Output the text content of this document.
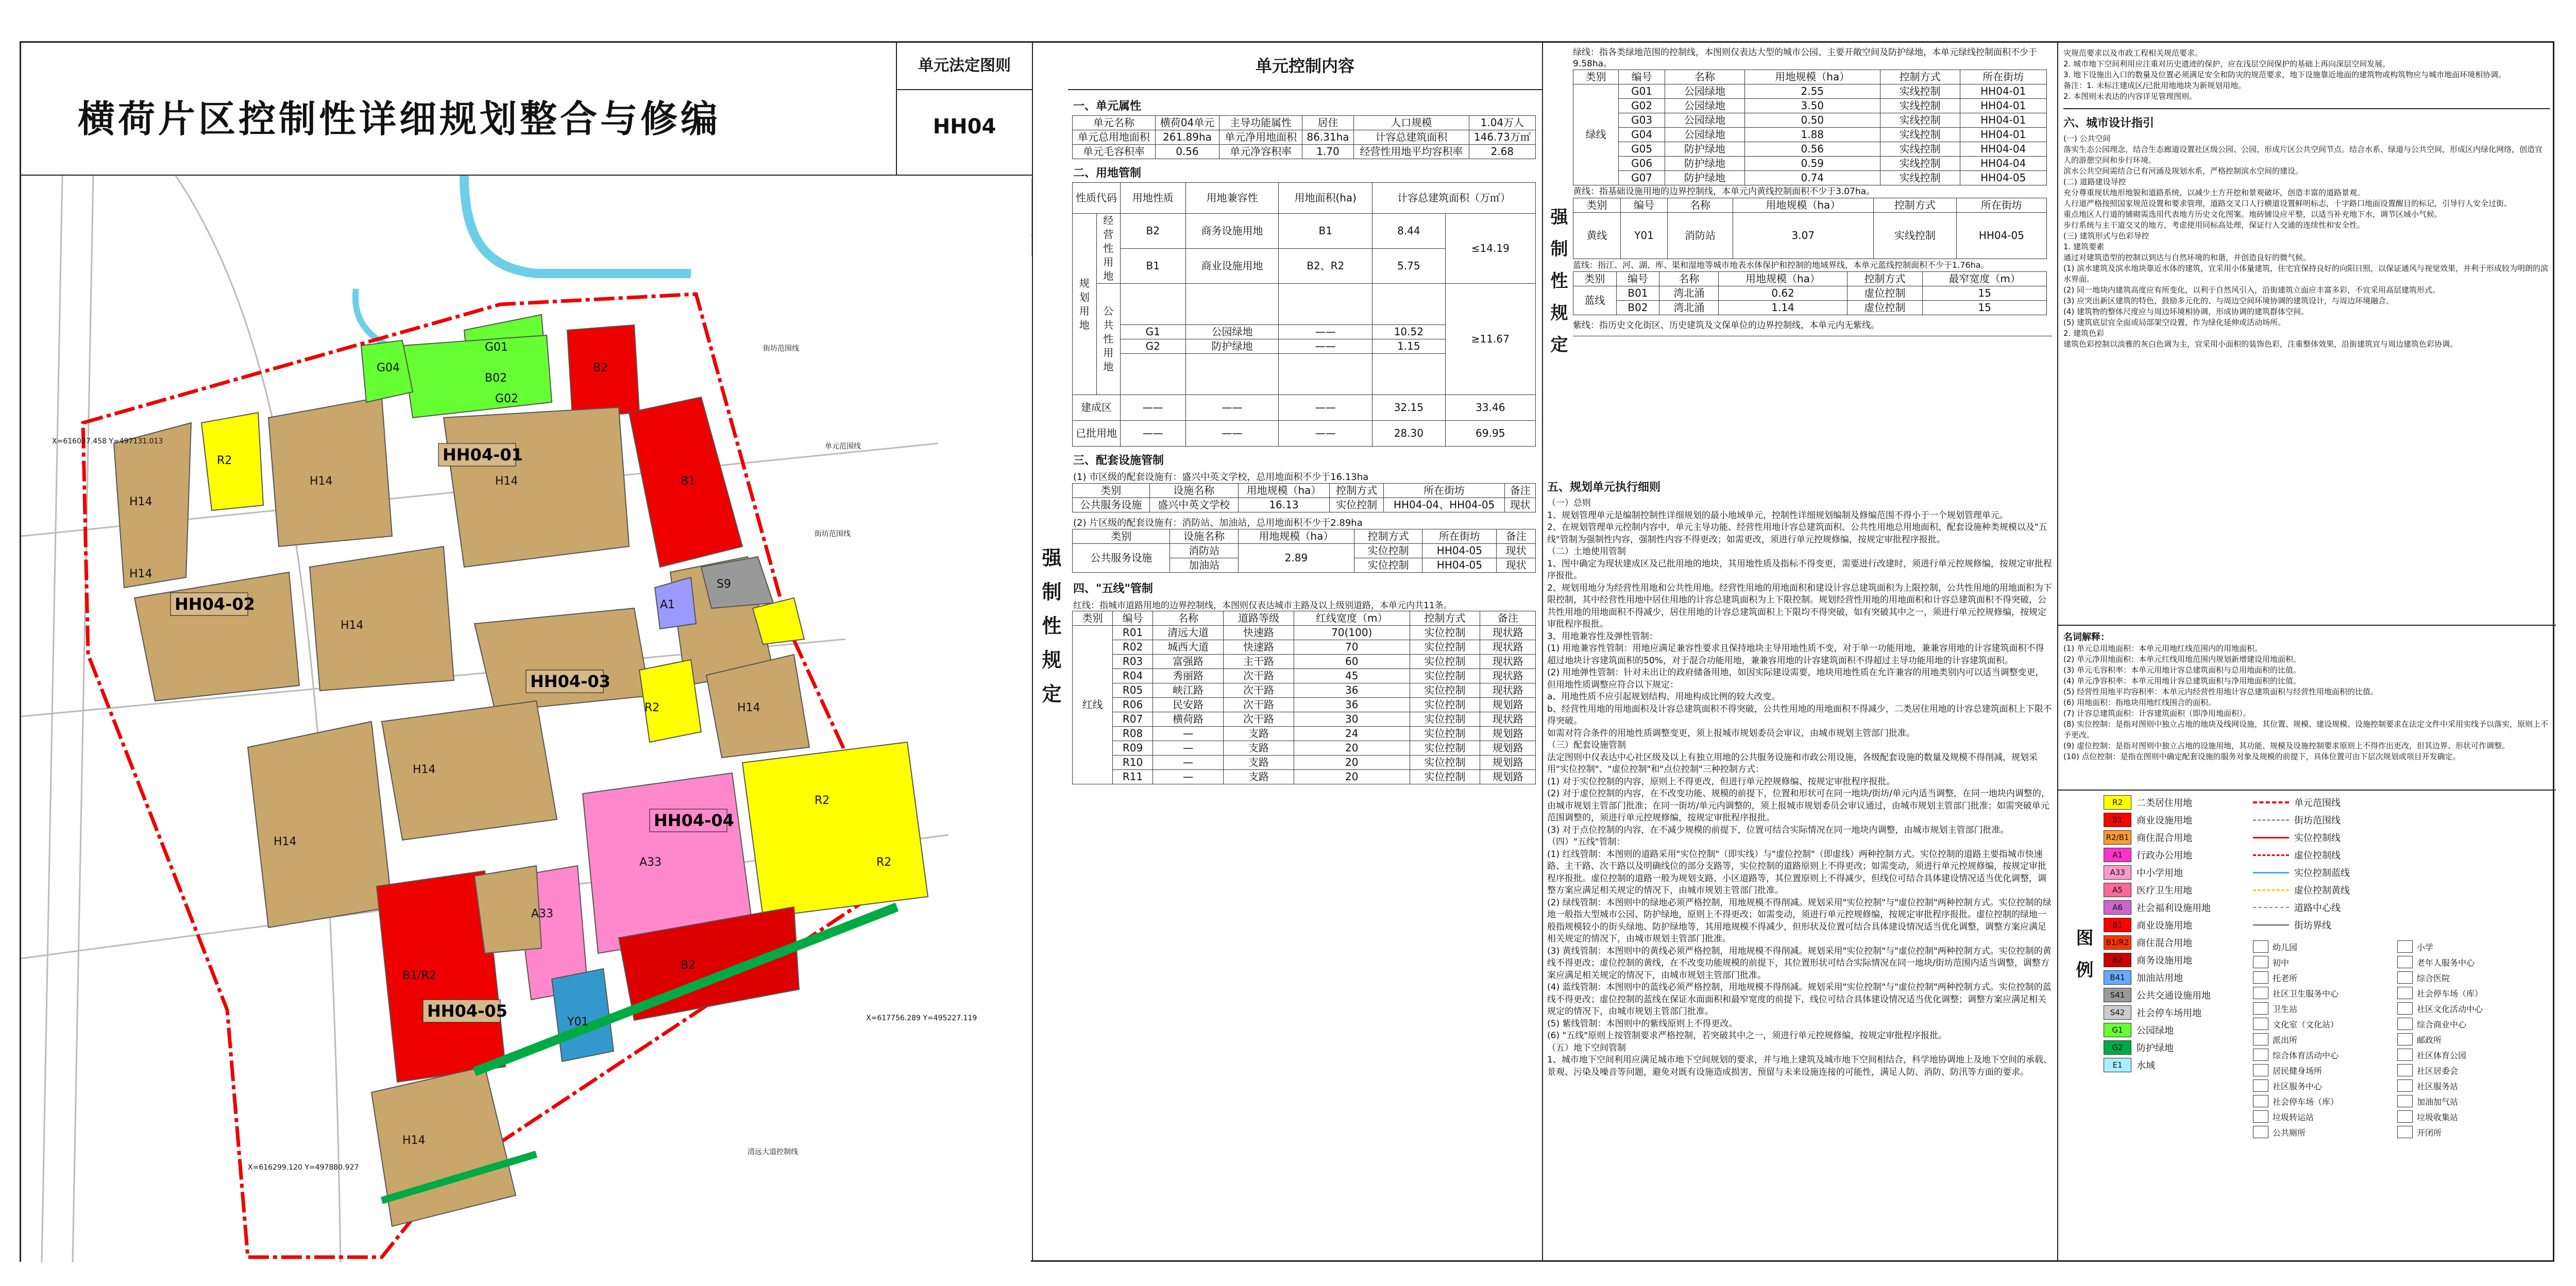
横荷片区控制性详细规划整合与修编
单元法定图则
HH04
G01
B02
G04
G02
B2
B1
R2
H14
H14
H14	H14
H14
S9
A1
R2
R2
R2
A33
B2
B1/R2
Y01
A33
H14
H14
H14
H14
HH04-01
HH04-02
HH04-03
HH04-04
HH04-05
街坊范围线
单元范围线
街坊范围线
X=616037.458 Y=497131.013
X=617756.289 Y=495227.119
清远大道控制线
X=616299.120 Y=497880.927
强制性规定
单元控制内容
一、单元属性
单元名称	横荷04单元	主导功能属性	居住	人口规模	1.04万人
单元总用地面积	261.89ha	单元净用地面积	86.31ha	计容总建筑面积	146.73万㎡
单元毛容积率	0.56	单元净容积率	1.70	经营性用地平均容积率	2.68
二、用地管制
性质代码		用地性质	用地兼容性	用地面积(ha)	计容总建筑面积（万㎡）	
规划用地	经营性用地	B2	商务设施用地	B1	8.44	≤14.19
		B1	商业设施用地	B2、R2	5.75	
	公共性用地					≥11.67
		G1	公园绿地	——	10.52	
		G2	防护绿地	——	1.15	

建成区		——	——	——	32.15	33.46
已批用地		——	——	——	28.30	69.95
三、配套设施管制
(1) 市区级的配套设施有：盛兴中英文学校，总用地面积不少于16.13ha
类别	设施名称	用地规模（ha）	控制方式	所在街坊	备注
公共服务设施	盛兴中英文学校	16.13	实位控制	HH04-04、HH04-05	现状
(2) 片区级的配套设施有：消防站、加油站，总用地面积不少于2.89ha
类别	设施名称	用地规模（ha）	控制方式	所在街坊	备注
公共服务设施	消防站	2.89	实位控制	HH04-05	现状
	加油站		实位控制	HH04-05	现状
四、"五线"管制
红线：指城市道路用地的边界控制线，本图则仅表达城市主路及以上级别道路，本单元内共11条。
类别	编号	名称	道路等级	红线宽度（m）	控制方式	备注
红线	R01	清远大道	快速路	70(100)	实位控制	现状路
	R02	城西大道	快速路	70	实位控制	现状路
	R03	富强路	主干路	60	实位控制	现状路
	R04	秀丽路	次干路	45	实位控制	现状路
	R05	峡江路	次干路	36	实位控制	现状路
	R06	民安路	次干路	36	实位控制	规划路
	R07	横荷路	次干路	30	实位控制	现状路
	R08	—	支路	24	实位控制	规划路
	R09	—	支路	20	实位控制	规划路
	R10	—	支路	20	实位控制	规划路
	R11	—	支路	20	实位控制	规划路
强制性规定
绿线：指各类绿地范围的控制线，本图则仅表达大型的城市公园、主要开敞空间及防护绿地，本单元绿线控制面积不少于9.58ha。
类别	编号	名称	用地规模（ha）	控制方式	所在街坊
绿线	G01	公园绿地	2.55	实线控制	HH04-01
	G02	公园绿地	3.50	实线控制	HH04-01
	G03	公园绿地	0.50	实线控制	HH04-01
	G04	公园绿地	1.88	实线控制	HH04-01
	G05	防护绿地	0.56	实线控制	HH04-04
	G06	防护绿地	0.59	实线控制	HH04-04
	G07	防护绿地	0.74	实线控制	HH04-05
黄线：指基础设施用地的边界控制线，本单元内黄线控制面积不少于3.07ha。
类别	编号	名称	用地规模（ha）	控制方式	所在街坊
黄线	Y01	消防站	3.07	实线控制	HH04-05
蓝线：指江、河、湖、库、渠和湿地等城市地表水体保护和控制的地域界线，本单元蓝线控制面积不少于1.76ha。
类别	编号	名称	用地规模（ha）	控制方式	最窄宽度（m）
蓝线	B01	湾北涌	0.62	虚位控制	15
	B02	湾北涌	1.14	虚位控制	15
紫线：指历史文化街区、历史建筑及文保单位的边界控制线，本单元内无紫线。
五、规划单元执行细则
（一）总则
1、规划管理单元是编制控制性详细规划的最小地域单元，控制性详细规划编制及修编范围不得小于一个规划管理单元。
2、在规划管理单元控制内容中，单元主导功能、经营性用地计容总建筑面积、公共性用地总用地面积、配套设施种类规模以及"五线"管制为强制性内容，强制性内容不得更改；如需更改，须进行单元控规修编，按规定审批程序报批。
（二）土地使用管制
1、图中确定为现状建成区及已批用地的地块，其用地性质及指标不得变更，需要进行改建时，须进行单元控规修编，按规定审批程序报批。
2、规划用地分为经营性用地和公共性用地。经营性用地的用地面积和建设计容总建筑面积为上限控制，公共性用地的用地面积为下限控制，其中经营性用地中居住用地的计容总建筑面积为上下限控制。规划经营性用地的用地面积和计容总建筑面积不得突破，公共性用地的用地面积不得减少，居住用地的计容总建筑面积上下限均不得突破，如有突破其中之一，须进行单元控规修编，按规定审批程序报批。
3、用地兼容性及弹性管制：
(1) 用地兼容性管制：用地应满足兼容性要求且保持地块主导用地性质不变，对于单一功能用地，兼兼容用地的计容建筑面积不得超过地块计容建筑面积的50%，对于混合功能用地，兼兼容用地的计容建筑面积不得超过主导功能用地的计容建筑面积。
(2) 用地弹性管制：针对未出让的政府储备用地，如因实际建设需要，地块用地性质在允许兼容的用地类别内可以适当调整变更，但用地性质调整应符合以下规定：
a、用地性质不应引起规划结构、用地构成比例的较大改变。
b、经营性用地的用地面积及计容总建筑面积不得突破，公共性用地的用地面积不得减少，二类居住用地的计容总建筑面积上下限不得突破。
如需对符合条件的用地性质调整变更，须上报城市规划委员会审议，由城市规划主管部门批准。
（三）配套设施管制
法定图则中仅表达中心社区级及以上有独立用地的公共服务设施和市政公用设施，各级配套设施的数量及规模不得削减，规划采用"实位控制"、"虚位控制"和"点位控制"三种控制方式：
(1) 对于实位控制的内容，原则上不得更改，但进行单元控规修编、按规定审批程序报批。
(2) 对于虚位控制的内容，在不改变功能、规模的前提下，位置和形状可在同一地块/街坊/单元内适当调整，在同一地块内调整的，由城市规划主管部门批准；在同一街坊/单元内调整的，须上报城市规划委员会审议通过，由城市规划主管部门批准；如需突破单元范围调整的，须进行单元控规修编，按规定审批程序报批。
(3) 对于点位控制的内容，在不减少规模的前提下，位置可结合实际情况在同一地块内调整，由城市规划主管部门批准。
（四）"五线"管制：
(1) 红线管制：本图则的道路采用"实位控制"（即实线）与"虚位控制"（即虚线）两种控制方式。实位控制的道路主要指城市快速路、主干路、次干路以及明确线位的部分支路等，实位控制的道路原则上不得更改；如需变动，须进行单元控规修编，按规定审批程序报批。虚位控制的道路一般为规划支路、小区道路等，其位置原则上不得减少，但线位可结合具体建设情况适当优化调整，调整方案应满足相关规定的情况下，由城市规划主管部门批准。
(2) 绿线管制：本图则中的绿地必须严格控制，用地规模不得削减。规划采用"实位控制"与"虚位控制"两种控制方式。实位控制的绿地一般指大型城市公园、防护绿地，原则上不得更改；如需变动，须进行单元控规修编，按规定审批程序报批。虚位控制的绿地一般指规模较小的街头绿地、防护绿地等，其用地规模不得减少，但形状及位置可结合具体建设情况适当优化调整，调整方案应满足相关规定的情况下，由城市规划主管部门批准。
(3) 黄线管制：本图则中的黄线必须严格控制，用地规模不得削减。规划采用"实位控制"与"虚位控制"两种控制方式。实位控制的黄线不得更改；虚位控制的黄线，在不改变功能规模的前提下，其位置形状可结合实际情况在同一地块/街坊范围内适当调整，调整方案应满足相关规定的情况下，由城市规划主管部门批准。
(4) 蓝线管制：本图则中的蓝线必须严格控制，用地规模不得削减。规划采用"实位控制"与"虚位控制"两种控制方式。实位控制的蓝线不得更改；虚位控制的蓝线在保证水面面积和最窄宽度的前提下，线位可结合具体建设情况适当优化调整；调整方案应满足相关规定的情况下，由城市规划主管部门批准。
(5) 紫线管制：本图则中的紫线原则上不得更改。
(6) "五线"原则上按管制要求严格控制，若突破其中之一，须进行单元控规修编，按规定审批程序报批。
（五）地下空间管制
1、城市地下空间利用应满足城市地下空间规划的要求，并与地上建筑及城市地下空间相结合，科学地协调地上及地下空间的承载、景观、污染及噪音等问题，避免对既有设施造成损害，预留与未来设施连接的可能性，满足人防、消防、防汛等方面的要求。
灾规范要求以及市政工程相关规范要求。
2. 城市地下空间利用应注重对历史遗迹的保护，应在浅层空间保护的基础上再向深层空间发展。
3. 地下设施出入口的数量及位置必须满足安全和防灾的规范要求，地下设施靠近地面的建筑物或构筑物应与城市地面环境相协调。
备注：1. 未标注建成区/已批用地地块为新规划用地。
2. 本图则未表达的内容详见管理图则。
六、城市设计指引
(一) 公共空间
落实生态公园理念，结合生态廊道设置社区级公园、公园，形成片区公共空间节点。结合水系、绿道与公共空间，形成区内绿化网络，创造宜人的游憩空间和步行环境。
滨水公共空间需结合已有河涌及规划水系，严格控制滨水空间的建设。
(二) 道路建设导控
充分尊重现状地形地貌和道路系统，以减少土方开挖和景观破坏，创造丰富的道路景观。
人行道严格按照国家规范设置和要求管理，道路交叉口人行横道设置鲜明标志，十字路口地面设置醒目的标记，引导行人安全过街。
重点地区人行道的铺砌需选用代表地方历史文化图案。地砖铺设应平整，以适当补充地下水，调节区域小气候。
步行系统与主干道交叉的地方，考虑使用同标高处理，保证行人交通的连续性和安全性。
(三) 建筑形式与色彩导控
1. 建筑要素
通过对建筑造型的控制以到达与自然环境的和谐，并创造良好的微气候。
(1) 滨水建筑及滨水地块靠近水体的建筑，宜采用小体量建筑，住宅宜保持良好的向阳日照，以保证通风与视觉效果，并利于形成较为明朗的滨水界面。
(2) 同一地块内建筑高度应有所变化，以利于自然风引入，沿街建筑立面应丰富多彩，不宜采用高层建筑形式。
(3) 应突出新区建筑的特色，鼓励多元化的、与周边空间环境协调的建筑设计，与周边环境融合。
(4) 建筑物的整体尺度应与周边环境相协调，形成协调的建筑群体空间。
(5) 建筑底层宜全面或局部架空设置，作为绿化延伸或活动场所。
2. 建筑色彩
建筑色彩控制以淡雅的灰白色调为主，宜采用小面积的装饰色彩，注重整体效果，沿街建筑宜与周边建筑色彩协调。
名词解释：
(1) 单元总用地面积：本单元用地红线范围内的用地面积。
(2) 单元净用地面积：本单元红线用地范围内规划新增建设用地面积。
(3) 单元毛容积率：本单元用地计容总建筑面积与总用地面积的比值。
(4) 单元净容积率：本单元用地计容总建筑面积与净用地面积的比值。
(5) 经营性用地平均容积率：本单元内经营性用地计容总建筑面积与经营性用地面积的比值。
(6) 用地面积：指地块用地红线围合的面积。
(7) 计容总建筑面积：计容建筑面积（即净用地面积）。
(8) 实位控制：是指对图则中独立占地的地块及线网设施，其位置、规模、建设规模、设施控制要求在法定文件中采用实线予以落实，原则上不予更改。
(9) 虚位控制：是指对图则中独立占地的设施用地，其功能、规模及设施控制要求原则上不得作出更改，但其边界、形状可作调整。
(10) 点位控制：是指在图则中确定配套设施的服务对象及规模的前提下，具体位置可由下层次规划或项目开发确定。
图例
R2	二类居住用地
B1	商业设施用地
R2/B1 商住混合用地
A1	行政办公用地
A33	中小学用地
A5	医疗卫生用地
A6	社会福利设施用地
B1	商业设施用地
B1/R2 商住混合用地
B2	商务设施用地
B41	加油站用地
S41	公共交通设施用地
S42	社会停车场用地
G1	公园绿地
G2	防护绿地
E1	水域
单元范围线
街坊范围线
实位控制线
虚位控制线
实位控制蓝线
虚位控制黄线
道路中心线
街坊界线
幼儿园	小学
初中	老年人服务中心
托老所	综合医院
社区卫生服务中心	社会停车场（库）
卫生站	社区文化活动中心
文化室（文化站）	综合商业中心
派出所	邮政所
综合体育活动中心	社区体育公园
居民健身场所	社区居委会
社区服务中心	社区服务站
社会停车场（库）	加油加气站
垃圾转运站	垃圾收集站
公共厕所	开闭所
